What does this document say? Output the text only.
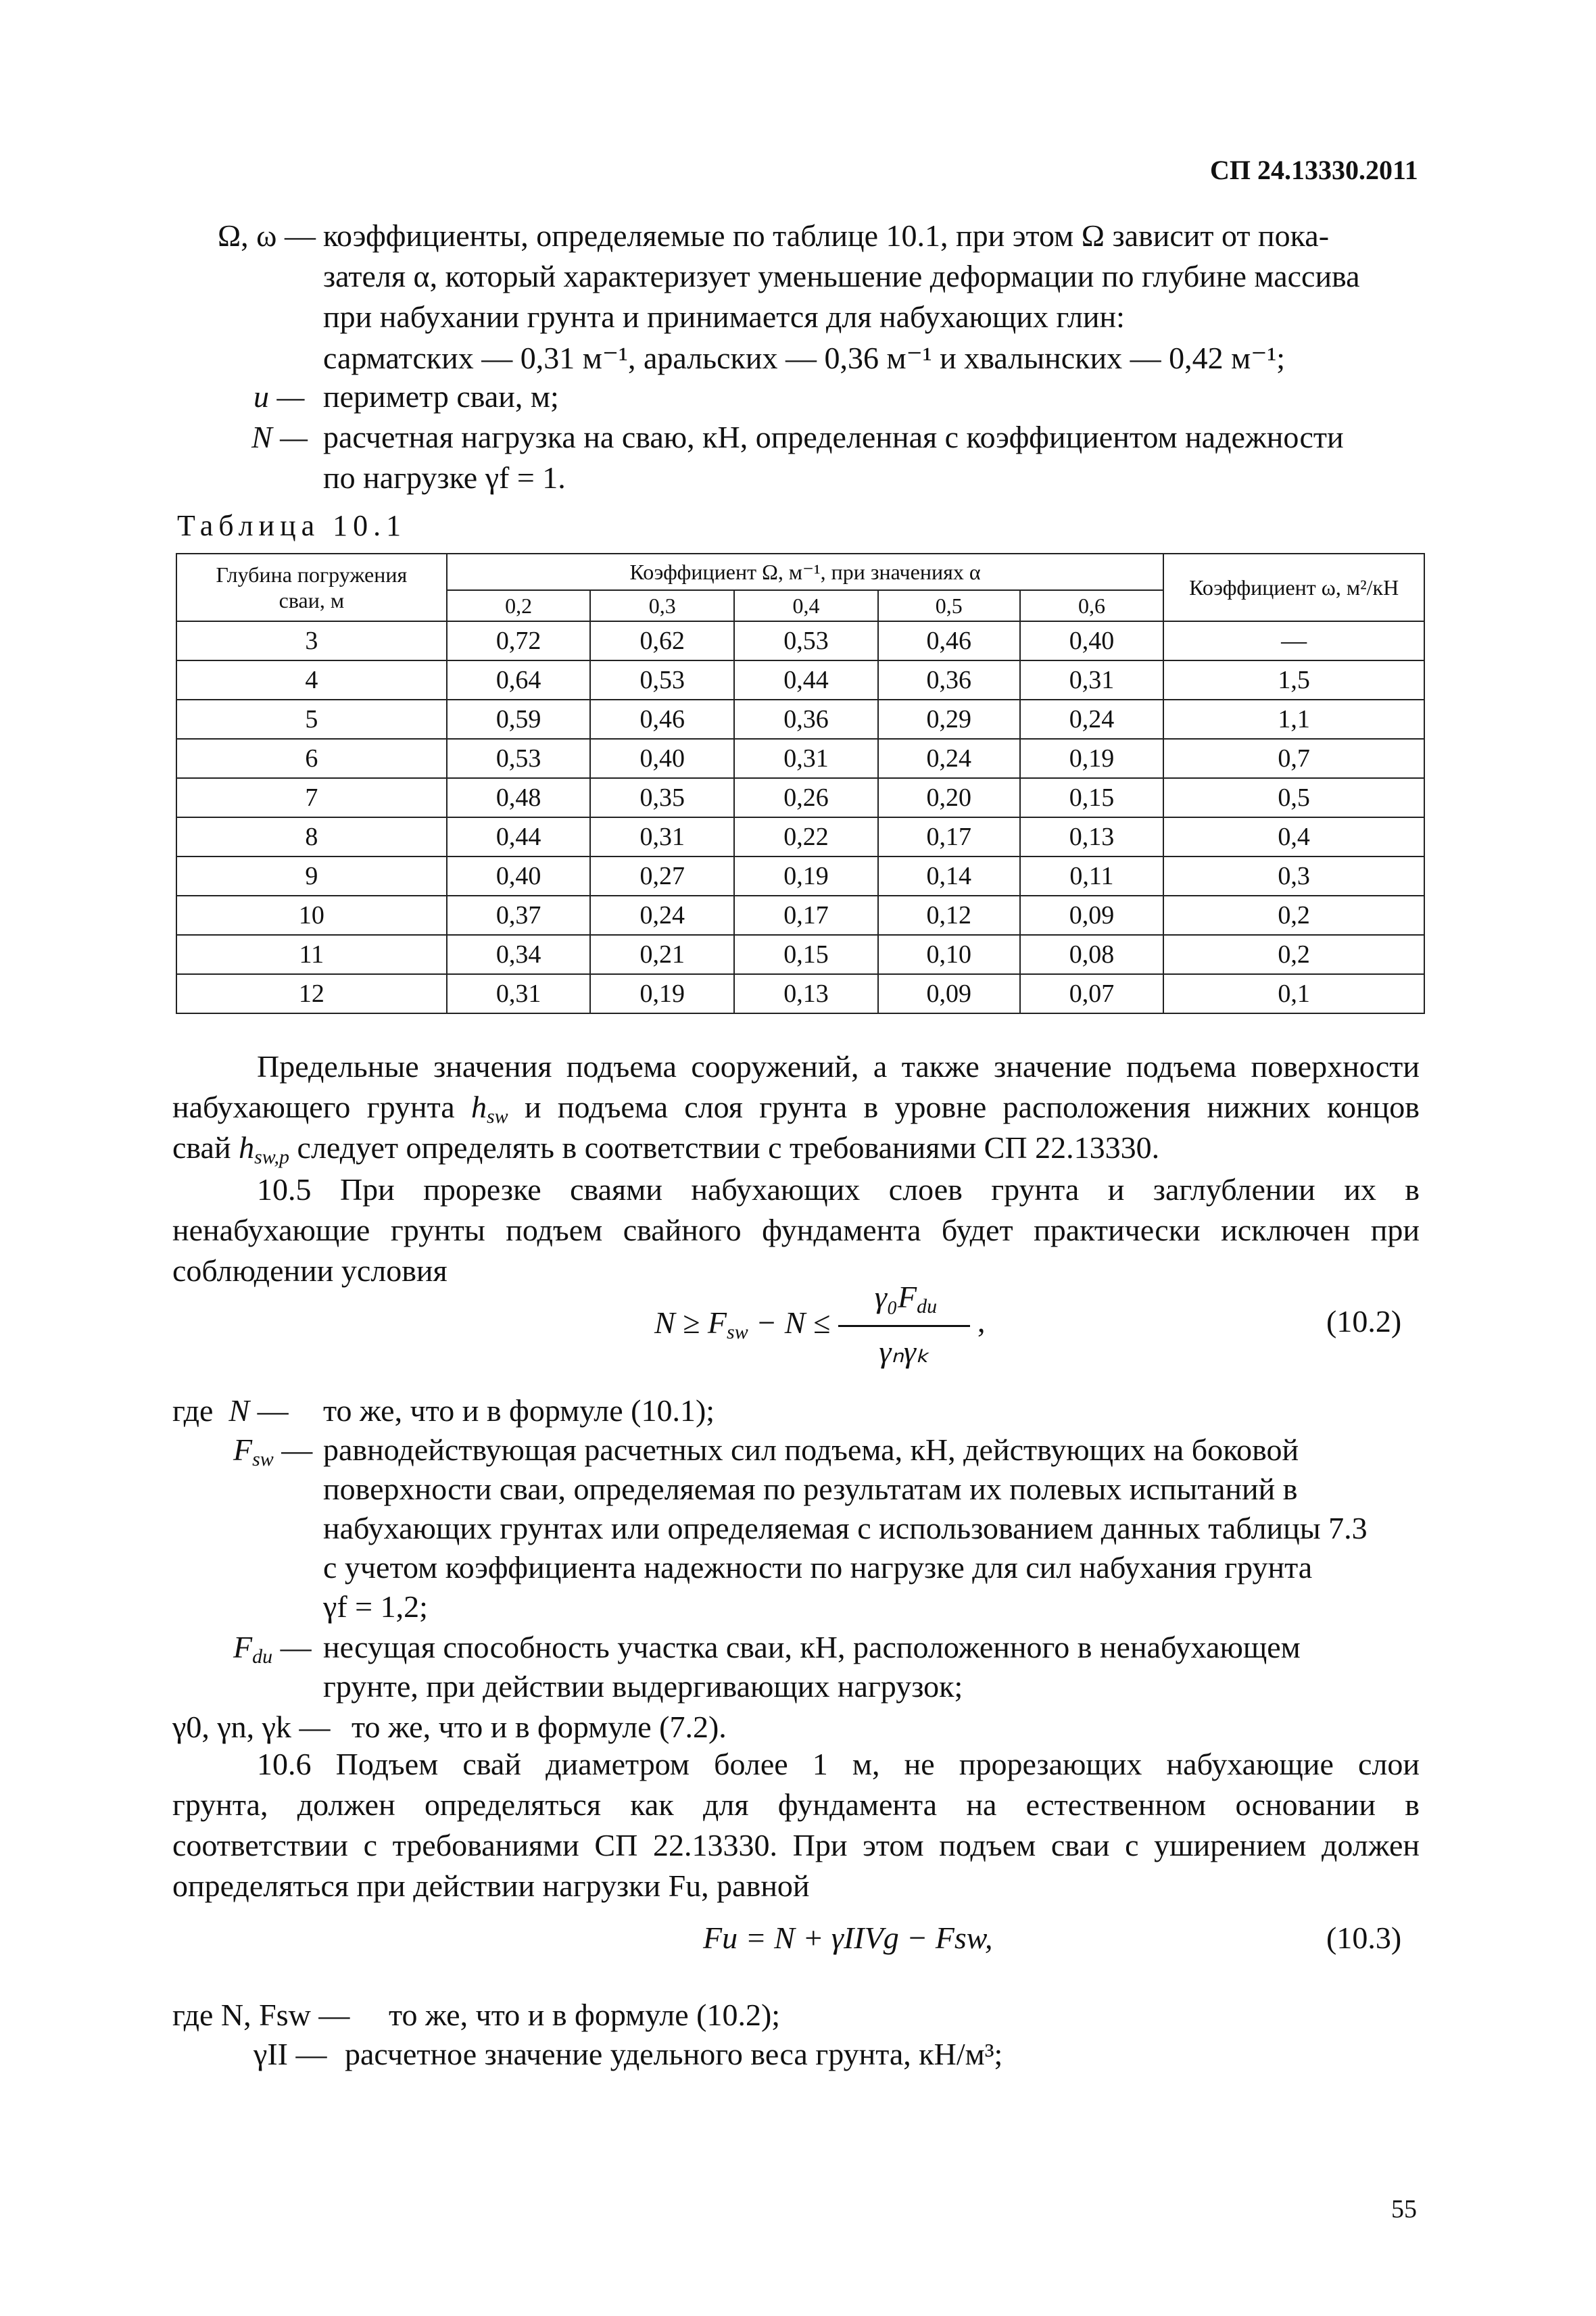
СП 24.13330.2011
Ω, ω — коэффициенты, определяемые по таблице 10.1, при этом Ω зависит от пока-
зателя α, который характеризует уменьшение деформации по глубине массива
при набухании грунта и принимается для набухающих глин:
сарматских — 0,31 м⁻¹, аральских — 0,36 м⁻¹ и хвалынских — 0,42 м⁻¹;
u — периметр сваи, м;
N — расчетная нагрузка на сваю, кН, определенная с коэффициентом надежности
по нагрузке γf = 1.
Таблица 10.1
Глубина погружения сваи, м	Коэффициент Ω, м⁻¹, при значениях α					Коэффициент ω, м²/кН
	0,2	0,3	0,4	0,5	0,6	
3	0,72	0,62	0,53	0,46	0,40	—
4	0,64	0,53	0,44	0,36	0,31	1,5
5	0,59	0,46	0,36	0,29	0,24	1,1
6	0,53	0,40	0,31	0,24	0,19	0,7
7	0,48	0,35	0,26	0,20	0,15	0,5
8	0,44	0,31	0,22	0,17	0,13	0,4
9	0,40	0,27	0,19	0,14	0,11	0,3
10	0,37	0,24	0,17	0,12	0,09	0,2
11	0,34	0,21	0,15	0,10	0,08	0,2
12	0,31	0,19	0,13	0,09	0,07	0,1
Предельные значения подъема сооружений, а также значение подъема поверхности
набухающего грунта $h_{sw}$ и подъема слоя грунта в уровне расположения нижних концов
свай $h_{sw,p}$ следует определять в соответствии с требованиями СП 22.13330.
10.5 При прорезке сваями набухающих слоев грунта и заглублении их в
ненабухающие грунты подъем свайного фундамента будет практически исключен при
соблюдении условия
$N \ge F_{sw} - N$ ≤
$\gamma_0F_{du}$
γₙγₖ
,	(10.2)
где  N — то же, что и в формуле (10.1);
$F_{sw}$ — равнодействующая расчетных сил подъема, кН, действующих на боковой
поверхности сваи, определяемая по результатам их полевых испытаний в
набухающих грунтах или определяемая с использованием данных таблицы 7.3
с учетом коэффициента надежности по нагрузке для сил набухания грунта
γf = 1,2;
$F_{du}$ — несущая способность участка сваи, кН, расположенного в ненабухающем
грунте, при действии выдергивающих нагрузок;
γ0, γn, γk — то же, что и в формуле (7.2).
10.6 Подъем свай диаметром более 1 м, не прорезающих набухающие слои
грунта, должен определяться как для фундамента на естественном основании в
соответствии с требованиями СП 22.13330. При этом подъем сваи с уширением должен
определяться при действии нагрузки Fu, равной
Fu = N + γIIVg − Fsw,	(10.3)
где N, Fsw — то же, что и в формуле (10.2);
γII — расчетное значение удельного веса грунта, кН/м³;
55
